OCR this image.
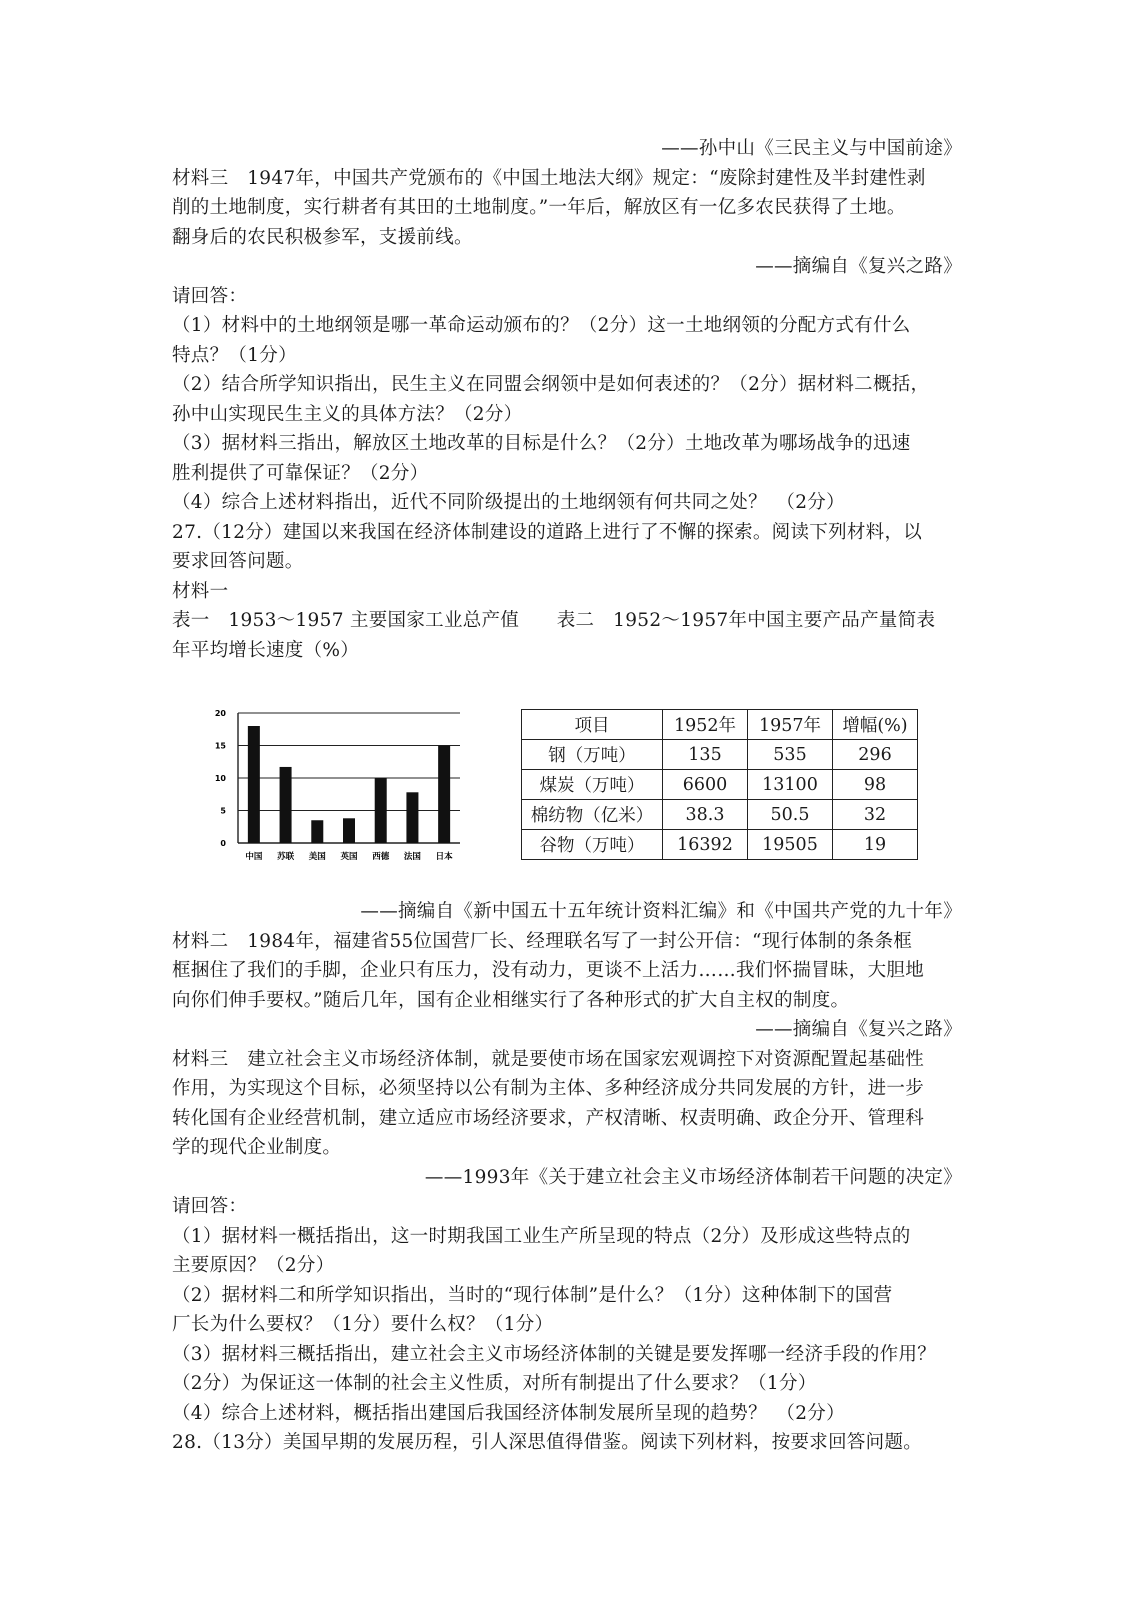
——孙中山《三民主义与中国前途》
材料三　1947年，中国共产党颁布的《中国土地法大纲》规定：“废除封建性及半封建性剥
削的土地制度，实行耕者有其田的土地制度。”一年后，解放区有一亿多农民获得了土地。
翻身后的农民积极参军，支援前线。
——摘编自《复兴之路》
请回答：
（1）材料中的土地纲领是哪一革命运动颁布的？（2分）这一土地纲领的分配方式有什么
特点？（1分）
（2）结合所学知识指出，民生主义在同盟会纲领中是如何表述的？（2分）据材料二概括，
孙中山实现民生主义的具体方法？（2分）
（3）据材料三指出，解放区土地改革的目标是什么？（2分）土地改革为哪场战争的迅速
胜利提供了可靠保证？（2分）
（4）综合上述材料指出，近代不同阶级提出的土地纲领有何共同之处？　（2分）
27.（12分）建国以来我国在经济体制建设的道路上进行了不懈的探索。阅读下列材料，以
要求回答问题。
材料一
表一　1953～1957 主要国家工业总产值　　表二　1952～1957年中国主要产品产量简表
年平均增长速度（%）
0
5
10
15
20
中国 苏联 美国 英国 西德 法国 日本
项目	1952年	1957年	增幅(%)
钢（万吨）	135	535	296
煤炭（万吨）	6600	13100	98
棉纺物（亿米）	38.3	50.5	32
谷物（万吨）	16392	19505	19
——摘编自《新中国五十五年统计资料汇编》和《中国共产党的九十年》
材料二　1984年，福建省55位国营厂长、经理联名写了一封公开信：“现行体制的条条框
框捆住了我们的手脚，企业只有压力，没有动力，更谈不上活力……我们怀揣冒昧，大胆地
向你们伸手要权。”随后几年，国有企业相继实行了各种形式的扩大自主权的制度。
——摘编自《复兴之路》
材料三　建立社会主义市场经济体制，就是要使市场在国家宏观调控下对资源配置起基础性
作用，为实现这个目标，必须坚持以公有制为主体、多种经济成分共同发展的方针，进一步
转化国有企业经营机制，建立适应市场经济要求，产权清晰、权责明确、政企分开、管理科
学的现代企业制度。
——1993年《关于建立社会主义市场经济体制若干问题的决定》
请回答：
（1）据材料一概括指出，这一时期我国工业生产所呈现的特点（2分）及形成这些特点的
主要原因？（2分）
（2）据材料二和所学知识指出，当时的“现行体制”是什么？（1分）这种体制下的国营
厂长为什么要权？（1分）要什么权？（1分）
（3）据材料三概括指出，建立社会主义市场经济体制的关键是要发挥哪一经济手段的作用？
（2分）为保证这一体制的社会主义性质，对所有制提出了什么要求？（1分）
（4）综合上述材料，概括指出建国后我国经济体制发展所呈现的趋势？　（2分）
28.（13分）美国早期的发展历程，引人深思值得借鉴。阅读下列材料，按要求回答问题。
